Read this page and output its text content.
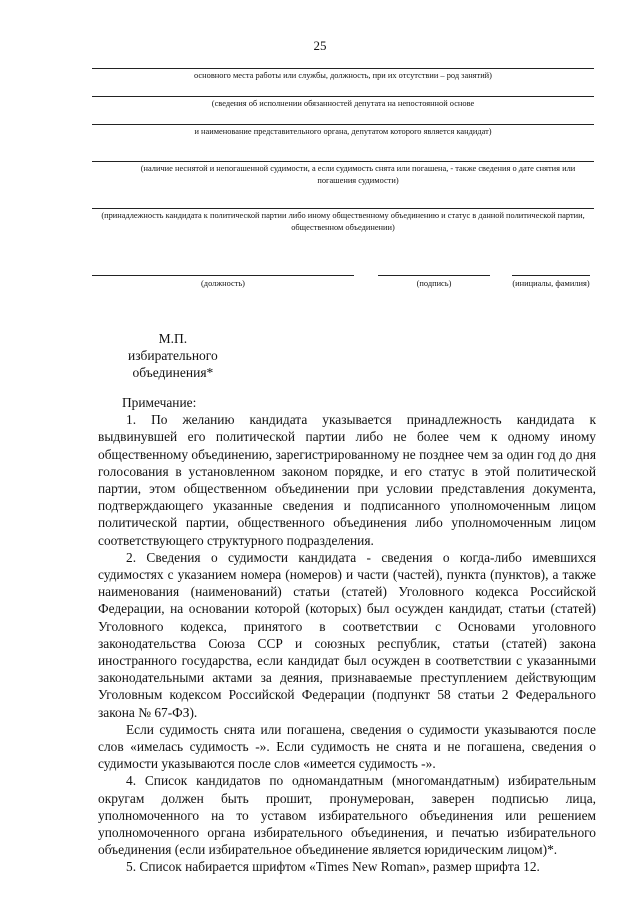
25
основного места работы или службы, должность, при их отсутствии – род занятий)
(сведения об исполнении обязанностей депутата на непостоянной основе
и наименование представительного органа, депутатом которого является кандидат)
(наличие неснятой и непогашенной судимости, а если судимость снята или погашена, - также сведения о дате снятия или погашения судимости)
(принадлежность кандидата к политической партии либо иному общественному объединению и статус в данной политической партии, общественном объединении)
(должность)	(подпись)	(инициалы, фамилия)
М.П.
избирательного
объединения*

Примечание:

1. По желанию кандидата указывается принадлежность кандидата к выдвинувшей его политической партии либо не более чем к одному иному общественному объединению, зарегистрированному не позднее чем за один год до дня голосования в установленном законом порядке, и его статус в этой политической партии, этом общественном объединении при условии представления документа, подтверждающего указанные сведения и подписанного уполномоченным лицом политической партии, общественного объединения либо уполномоченным лицом соответствующего структурного подразделения.

2. Сведения о судимости кандидата - сведения о когда-либо имевшихся судимостях с указанием номера (номеров) и части (частей), пункта (пунктов), а также наименования (наименований) статьи (статей) Уголовного кодекса Российской Федерации, на основании которой (которых) был осужден кандидат, статьи (статей) Уголовного кодекса, принятого в соответствии с Основами уголовного законодательства Союза ССР и союзных республик, статьи (статей) закона иностранного государства, если кандидат был осужден в соответствии с указанными законодательными актами за деяния, признаваемые преступлением действующим Уголовным кодексом Российской Федерации (подпункт 58 статьи 2 Федерального закона № 67-ФЗ).

Если судимость снята или погашена, сведения о судимости указываются после слов «имелась судимость -». Если судимость не снята и не погашена, сведения о судимости указываются после слов «имеется судимость -».

4. Список кандидатов по одномандатным (многомандатным) избирательным округам должен быть прошит, пронумерован, заверен подписью лица, уполномоченного на то уставом избирательного объединения или решением уполномоченного органа избирательного объединения, и печатью избирательного объединения (если избирательное объединение является юридическим лицом)*.

5. Список набирается шрифтом «Times New Roman», размер шрифта 12.
